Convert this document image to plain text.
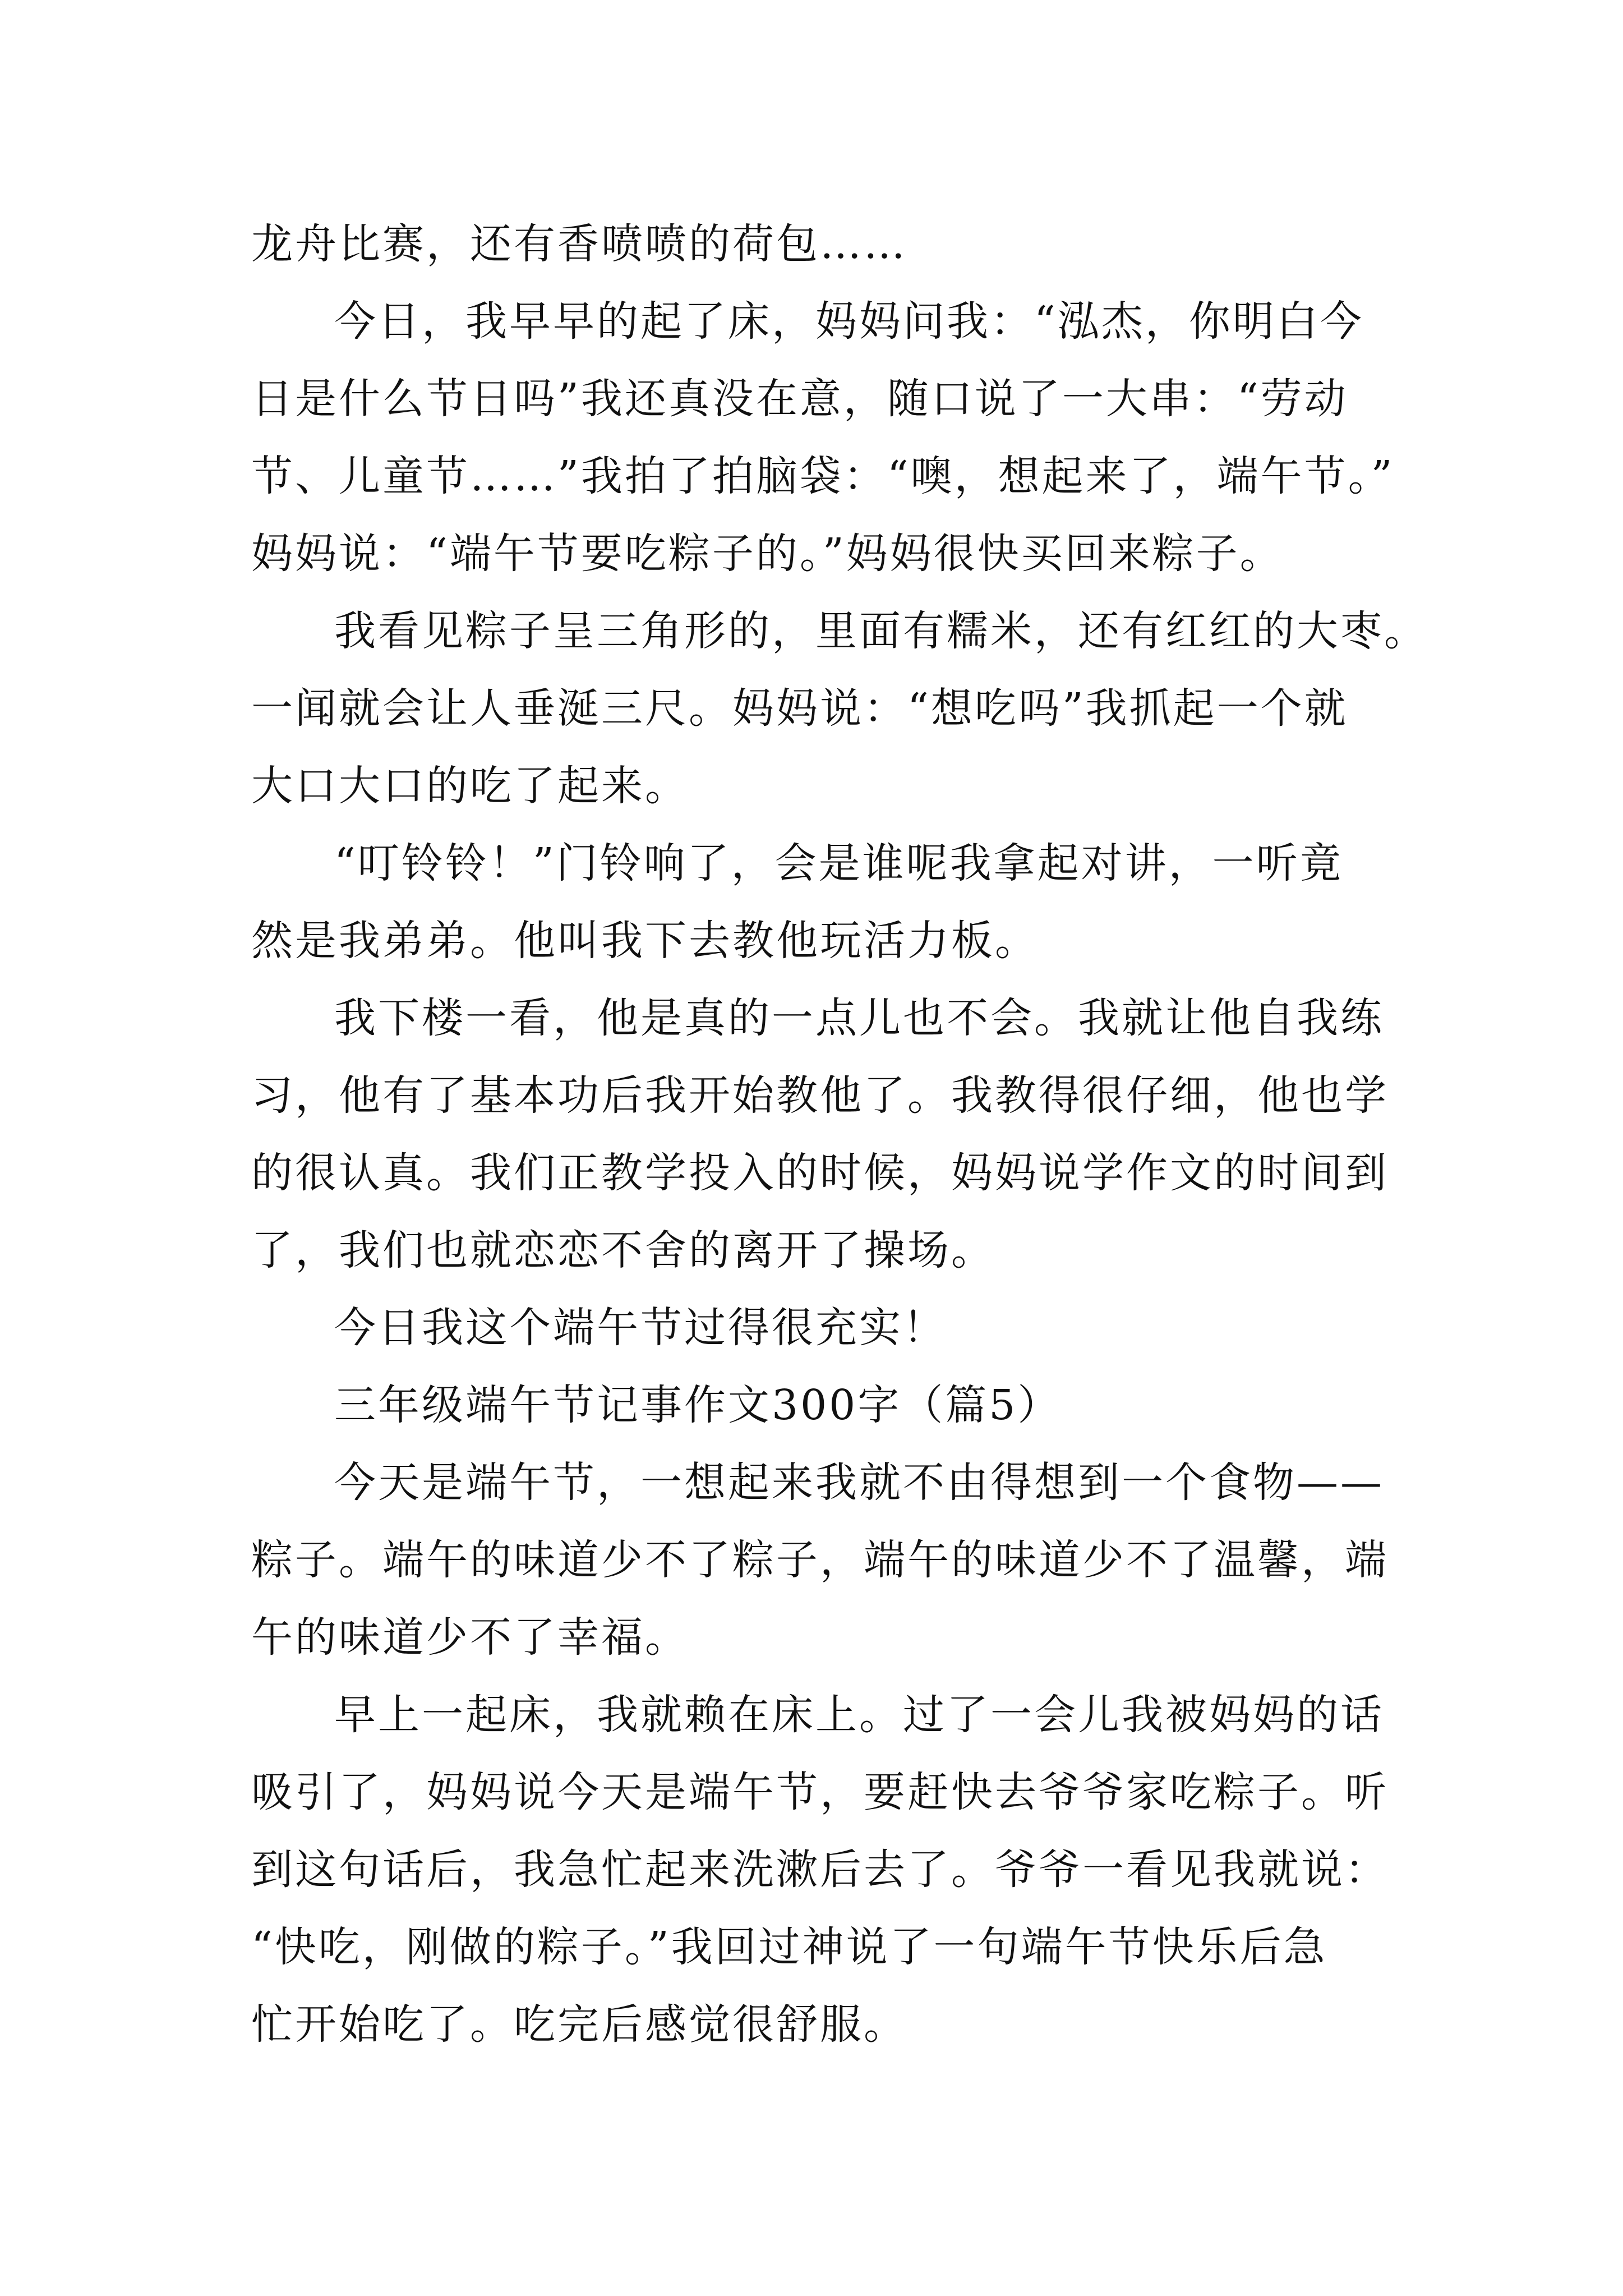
龙舟比赛，还有香喷喷的荷包……
今日，我早早的起了床，妈妈问我：“泓杰，你明白今
日是什么节日吗”我还真没在意，随口说了一大串：“劳动
节、儿童节……”我拍了拍脑袋：“噢，想起来了，端午节。”
妈妈说：“端午节要吃粽子的。”妈妈很快买回来粽子。
我看见粽子呈三角形的，里面有糯米，还有红红的大枣。
一闻就会让人垂涎三尺。妈妈说：“想吃吗”我抓起一个就
大口大口的吃了起来。
“叮铃铃！”门铃响了，会是谁呢我拿起对讲，一听竟
然是我弟弟。他叫我下去教他玩活力板。
我下楼一看，他是真的一点儿也不会。我就让他自我练
习，他有了基本功后我开始教他了。我教得很仔细，他也学
的很认真。我们正教学投入的时候，妈妈说学作文的时间到
了，我们也就恋恋不舍的离开了操场。
今日我这个端午节过得很充实！
三年级端午节记事作文300字（篇5）
今天是端午节，一想起来我就不由得想到一个食物——
粽子。端午的味道少不了粽子，端午的味道少不了温馨，端
午的味道少不了幸福。
早上一起床，我就赖在床上。过了一会儿我被妈妈的话
吸引了，妈妈说今天是端午节，要赶快去爷爷家吃粽子。听
到这句话后，我急忙起来洗漱后去了。爷爷一看见我就说：
“快吃，刚做的粽子。”我回过神说了一句端午节快乐后急
忙开始吃了。吃完后感觉很舒服。
